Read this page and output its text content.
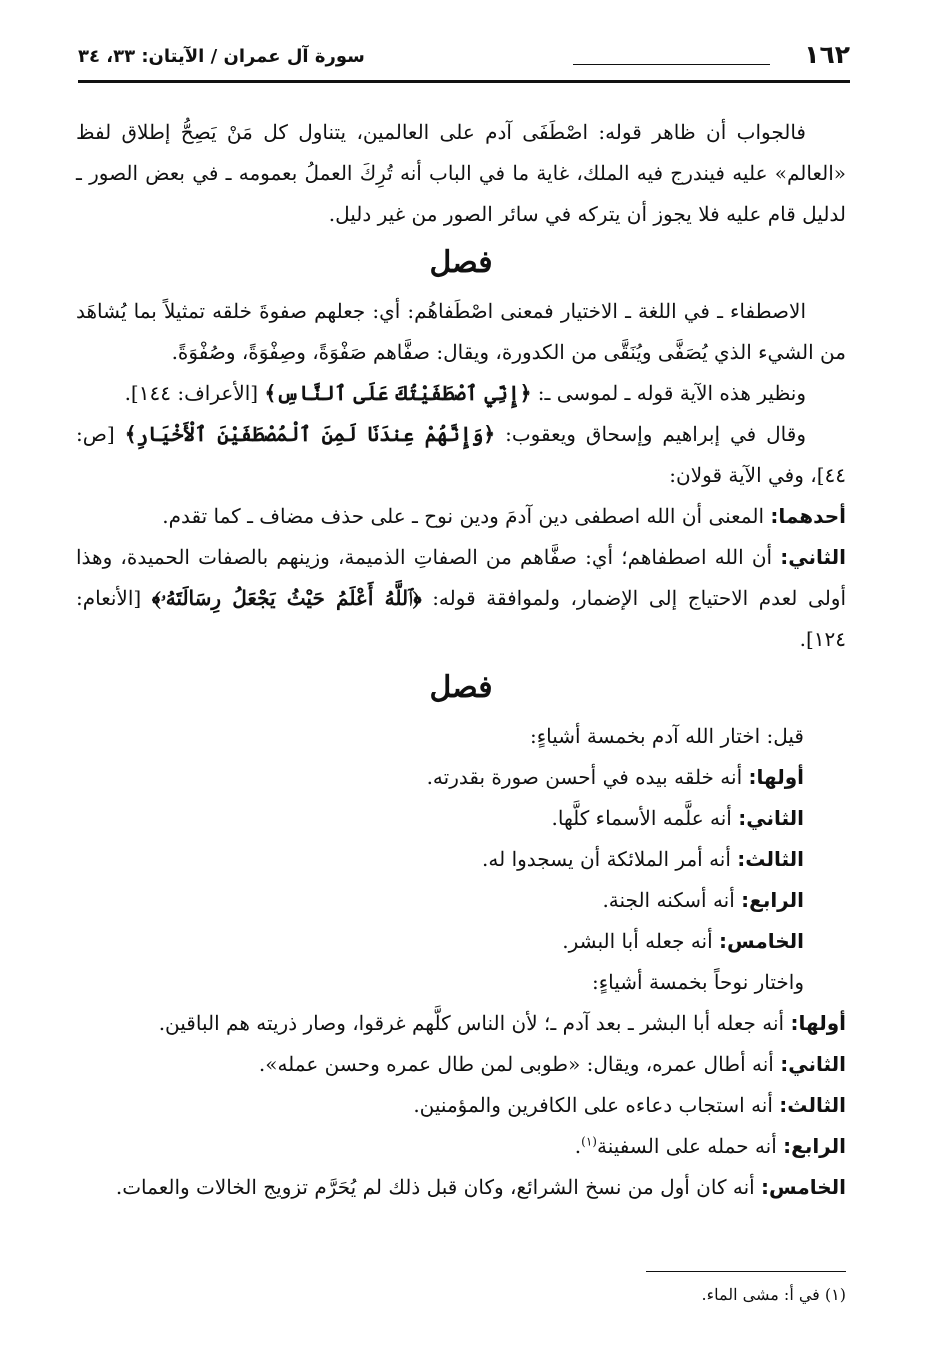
١٦٢
سورة آل عمران / الآيتان: ٣٣، ٣٤

فالجواب أن ظاهر قوله: اصْطَفَى آدم على العالمين، يتناول كل مَنْ يَصِحُّ إطلاق لفظ «العالم» عليه فيندرج فيه الملك، غاية ما في الباب أنه تُرِكَ العملُ بعمومه ـ في بعض الصور ـ لدليل قام عليه فلا يجوز أن يتركه في سائر الصور من غير دليل.

فصل

الاصطفاء ـ في اللغة ـ الاختيار فمعنى اصْطَفاهُم: أي: جعلهم صفوةَ خلقه تمثيلاً بما يُشاهَد من الشيء الذي يُصَفَّى ويُنَقَّى من الكدورة، ويقال: صفَّاهم صَفْوَةً، وصِفْوَةً، وصُفْوَةً.

ونظير هذه الآية قوله ـ لموسى ـ: ﴿إِنِّي ٱصْطَفَيْتُكَ عَلَى ٱلنَّاسِ﴾ [الأعراف: ١٤٤].

وقال في إبراهيم وإسحاق ويعقوب: ﴿وَإِنَّهُمْ عِندَنَا لَمِنَ ٱلْمُصْطَفَيْنَ ٱلْأَخْيَارِ﴾ [ص: ٤٤]، وفي الآية قولان:

أحدهما: المعنى أن الله اصطفى دين آدمَ ودين نوح ـ على حذف مضاف ـ كما تقدم.

الثاني: أن الله اصطفاهم؛ أي: صفَّاهم من الصفاتِ الذميمة، وزينهم بالصفات الحميدة، وهذا أولى لعدم الاحتياج إلى الإضمار، ولموافقة قوله: ﴿ٱللَّهُ أَعْلَمُ حَيْثُ يَجْعَلُ رِسَالَتَهُۥ﴾ [الأنعام: ١٢٤].

فصل

قيل: اختار الله آدم بخمسة أشياءٍ:

أولها: أنه خلقه بيده في أحسن صورة بقدرته.

الثاني: أنه علَّمه الأسماء كلَّها.

الثالث: أنه أمر الملائكة أن يسجدوا له.

الرابع: أنه أسكنه الجنة.

الخامس: أنه جعله أبا البشر.

واختار نوحاً بخمسة أشياءٍ:

أولها: أنه جعله أبا البشر ـ بعد آدم ـ؛ لأن الناس كلَّهم غرقوا، وصار ذريته هم الباقين.

الثاني: أنه أطال عمره، ويقال: «طوبى لمن طال عمره وحسن عمله».

الثالث: أنه استجاب دعاءه على الكافرين والمؤمنين.

الرابع: أنه حمله على السفينة$^{(١)}$.

الخامس: أنه كان أول من نسخ الشرائع، وكان قبل ذلك لم يُحَرَّم تزويج الخالات والعمات.

(١) في أ: مشى الماء.
